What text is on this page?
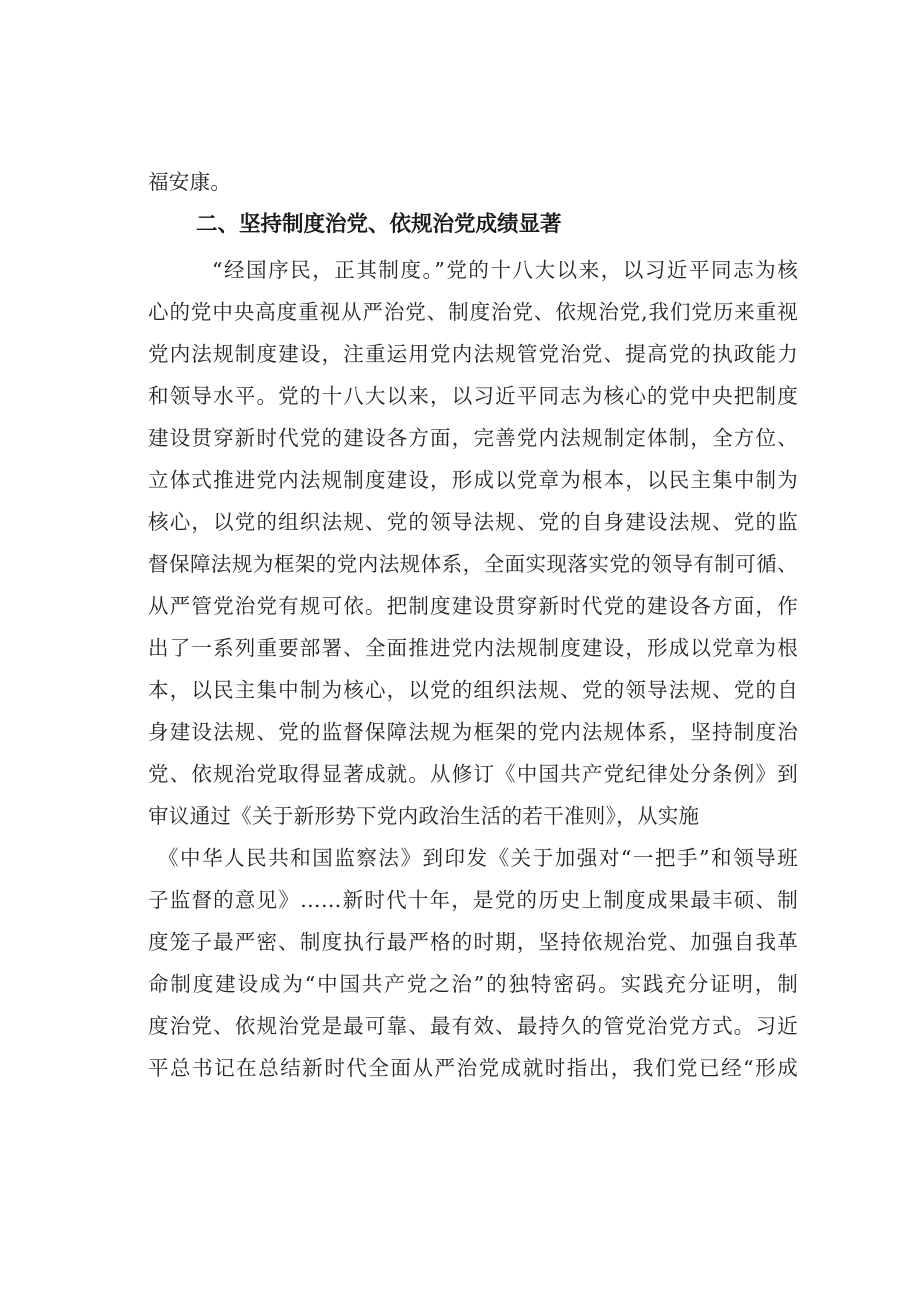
福安康。
二、坚持制度治党、依规治党成绩显著
“经国序民，正其制度。”党的十八大以来，以习近平同志为核
心的党中央高度重视从严治党、制度治党、依规治党,我们党历来重视
党内法规制度建设，注重运用党内法规管党治党、提高党的执政能力
和领导水平。党的十八大以来，以习近平同志为核心的党中央把制度
建设贯穿新时代党的建设各方面，完善党内法规制定体制，全方位、
立体式推进党内法规制度建设，形成以党章为根本，以民主集中制为
核心，以党的组织法规、党的领导法规、党的自身建设法规、党的监
督保障法规为框架的党内法规体系，全面实现落实党的领导有制可循、
从严管党治党有规可依。把制度建设贯穿新时代党的建设各方面，作
出了一系列重要部署、全面推进党内法规制度建设，形成以党章为根
本，以民主集中制为核心，以党的组织法规、党的领导法规、党的自
身建设法规、党的监督保障法规为框架的党内法规体系，坚持制度治
党、依规治党取得显著成就。从修订《中国共产党纪律处分条例》到
审议通过《关于新形势下党内政治生活的若干准则》，从实施
《中华人民共和国监察法》到印发《关于加强对“一把手”和领导班
子监督的意见》……新时代十年，是党的历史上制度成果最丰硕、制
度笼子最严密、制度执行最严格的时期，坚持依规治党、加强自我革
命制度建设成为“中国共产党之治”的独特密码。实践充分证明，制
度治党、依规治党是最可靠、最有效、最持久的管党治党方式。习近
平总书记在总结新时代全面从严治党成就时指出，我们党已经“形成
